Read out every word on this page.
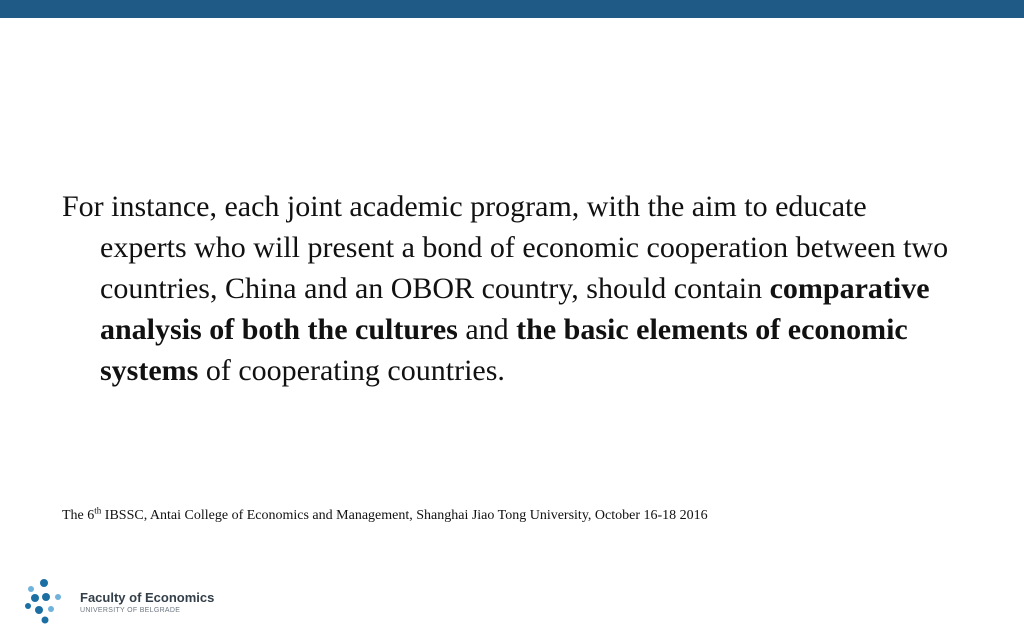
For instance, each joint academic program, with the aim to educate experts who will present a bond of economic cooperation between two countries, China and an OBOR country, should contain comparative analysis of both the cultures and the basic elements of economic systems of cooperating countries.

The 6th IBSSC, Antai College of Economics and Management, Shanghai Jiao Tong University, October 16-18 2016

Faculty of Economics
UNIVERSITY OF BELGRADE
